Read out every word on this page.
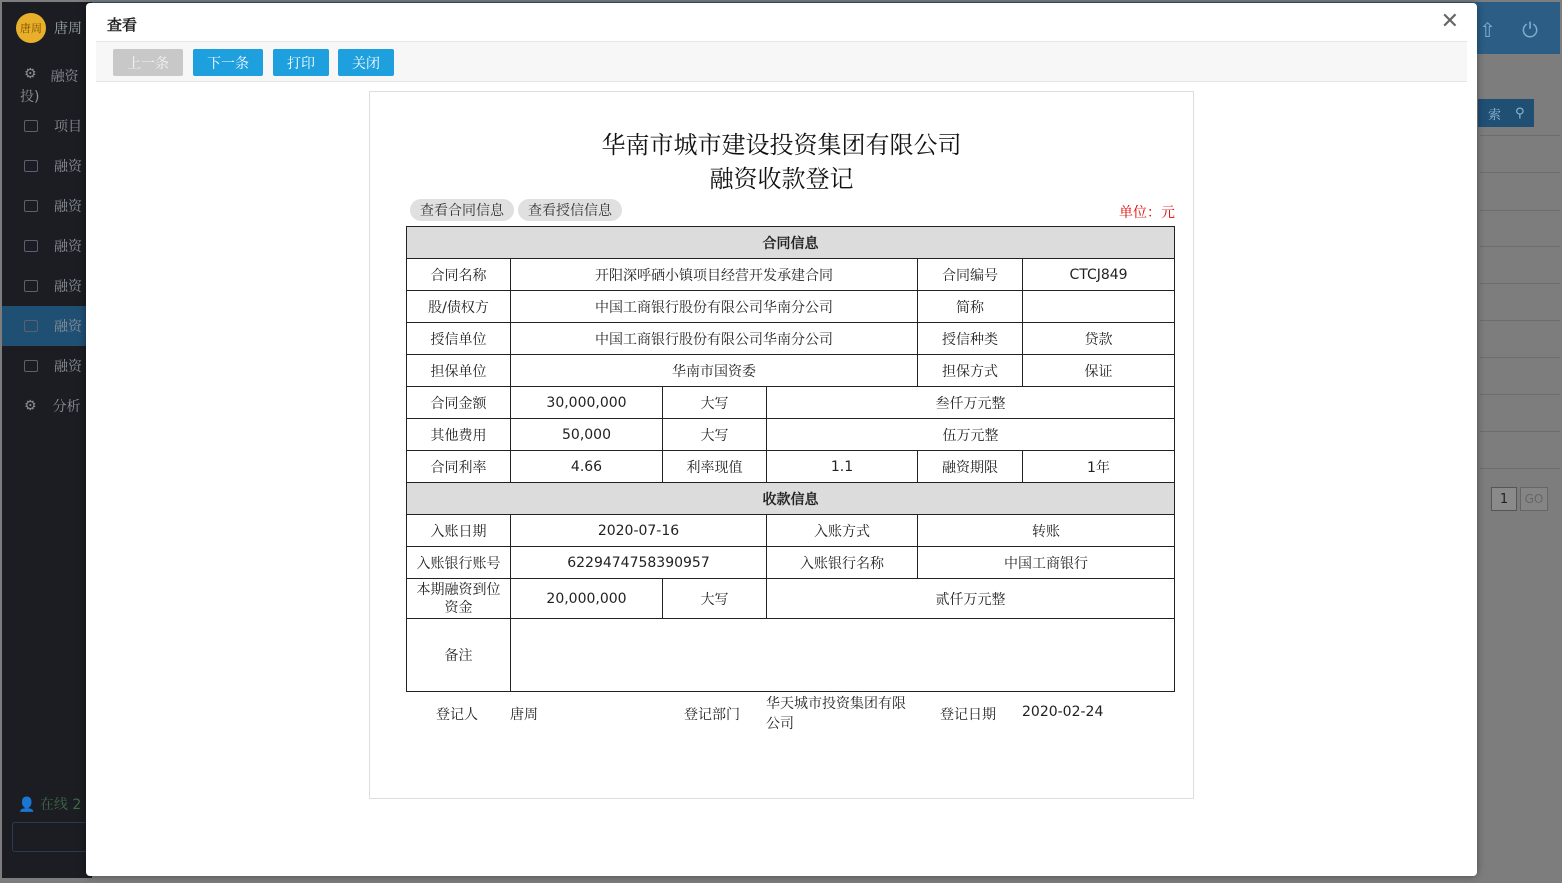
⇧ ⏻
唐周 唐周
⚙ 融资
项目
融资
融资
融资
融资
融资
融资
⚙ 分析
投)
👤 在线 2
索 ⚲
1	GO
查看	✕
上一条	下一条	打印	关闭
华南市城市建设投资集团有限公司
融资收款登记
查看合同信息	查看授信信息	单位：元
合同信息					
合同名称	开阳深呼硒小镇项目经营开发承建合同			合同编号	CTCJ849
股/债权方	中国工商银行股份有限公司华南分公司			简称	
授信单位	中国工商银行股份有限公司华南分公司			授信种类	贷款
担保单位	华南市国资委			担保方式	保证
合同金额	30,000,000	大写	叁仟万元整		
其他费用	50,000	大写	伍万元整		
合同利率	4.66	利率现值	1.1	融资期限	1年
收款信息					
入账日期	2020-07-16		入账方式	转账	
入账银行账号	6229474758390957		入账银行名称	中国工商银行	
本期融资到位资金	20,000,000	大写	贰仟万元整		
备注					
登记人 唐周	登记部门
华天城市投资集团有限公司
登记日期 2020-02-24
